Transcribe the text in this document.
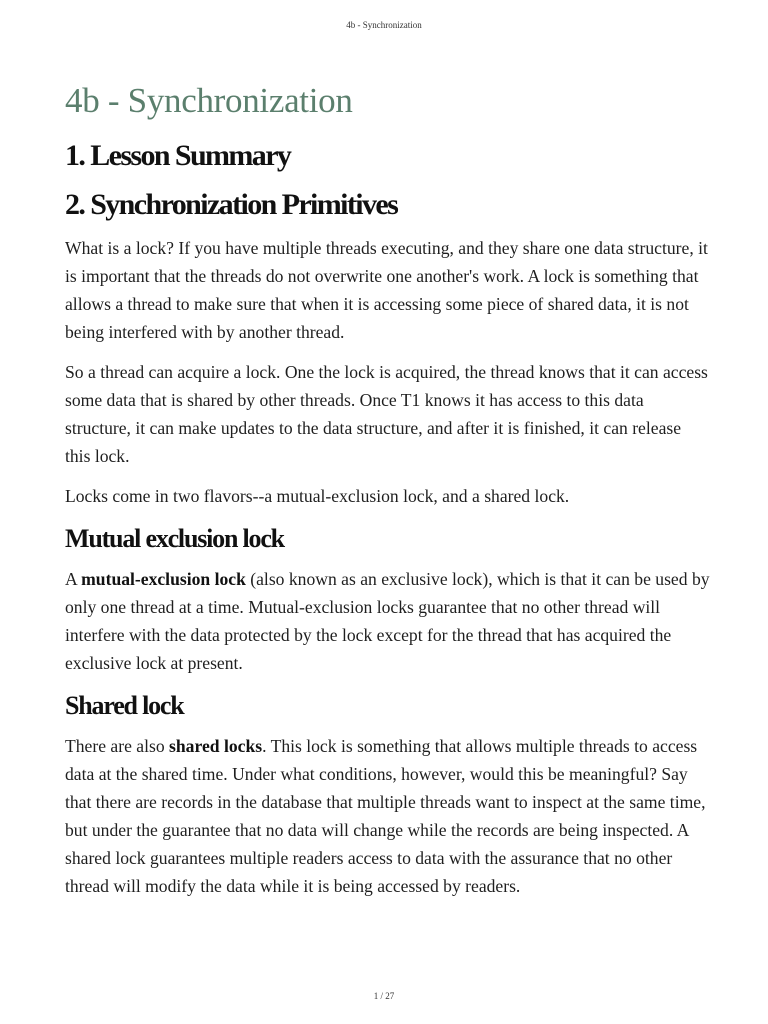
4b - Synchronization
4b - Synchronization
1. Lesson Summary
2. Synchronization Primitives

What is a lock? If you have multiple threads executing, and they share one data structure, it is important that the threads do not overwrite one another's work. A lock is something that allows a thread to make sure that when it is accessing some piece of shared data, it is not being interfered with by another thread.

So a thread can acquire a lock. One the lock is acquired, the thread knows that it can access some data that is shared by other threads. Once T1 knows it has access to this data structure, it can make updates to the data structure, and after it is finished, it can release this lock.

Locks come in two flavors--a mutual-exclusion lock, and a shared lock.

Mutual exclusion lock

A mutual-exclusion lock (also known as an exclusive lock), which is that it can be used by only one thread at a time. Mutual-exclusion locks guarantee that no other thread will interfere with the data protected by the lock except for the thread that has acquired the exclusive lock at present.

Shared lock

There are also shared locks. This lock is something that allows multiple threads to access data at the shared time. Under what conditions, however, would this be meaningful? Say that there are records in the database that multiple threads want to inspect at the same time, but under the guarantee that no data will change while the records are being inspected. A shared lock guarantees multiple readers access to data with the assurance that no other thread will modify the data while it is being accessed by readers.

1 / 27
